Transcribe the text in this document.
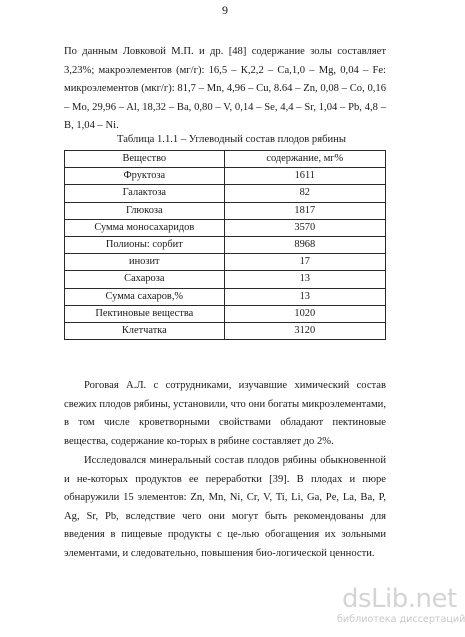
9

По данным Ловковой М.П. и др. [48] содержание золы составляет 3,23%; макроэлементов (мг/г): 16,5 – К,2,2 – Са,1,0 – Mg, 0,04 – Fe: микроэлементов (мкг/г): 81,7 – Mn, 4,96 – Cu, 8.64 – Zn, 0,08 – Co, 0,16 – Mo, 29,96 – Al, 18,32 – Ba, 0,80 – V, 0,14 – Se, 4,4 – Sr, 1,04 – Pb, 4,8 – B, 1,04 – Ni.

Таблица 1.1.1 – Углеводный состав плодов рябины
Вещество	содержание, мг%
Фруктоза	1611
Галактоза	82
Глюкоза	1817
Сумма моносахаридов	3570
Полионы: сорбит	8968
инозит	17
Сахароза	13
Сумма сахаров,%	13
Пектиновые вещества	1020
Клетчатка	3120

Роговая А.Л. с сотрудниками, изучавшие химический состав свежих плодов рябины, установили, что они богаты микроэлементами, в том числе кроветворными свойствами обладают пектиновые вещества, содержание ко-торых в рябине составляет до 2%.

Исследовался минеральный состав плодов рябины обыкновенной и не-которых продуктов ее переработки [39]. В плодах и пюре обнаружили 15 элементов: Zn, Mn, Ni, Cr, V, Ti, Li, Ga, Pe, La, Ba, P, Ag, Sr, Pb, вследствие чего они могут быть рекомендованы для введения в пищевые продукты с це-лью обогащения их зольными элементами, и следовательно, повышения био-логической ценности.

dsLib.net
библиотека диссертаций
